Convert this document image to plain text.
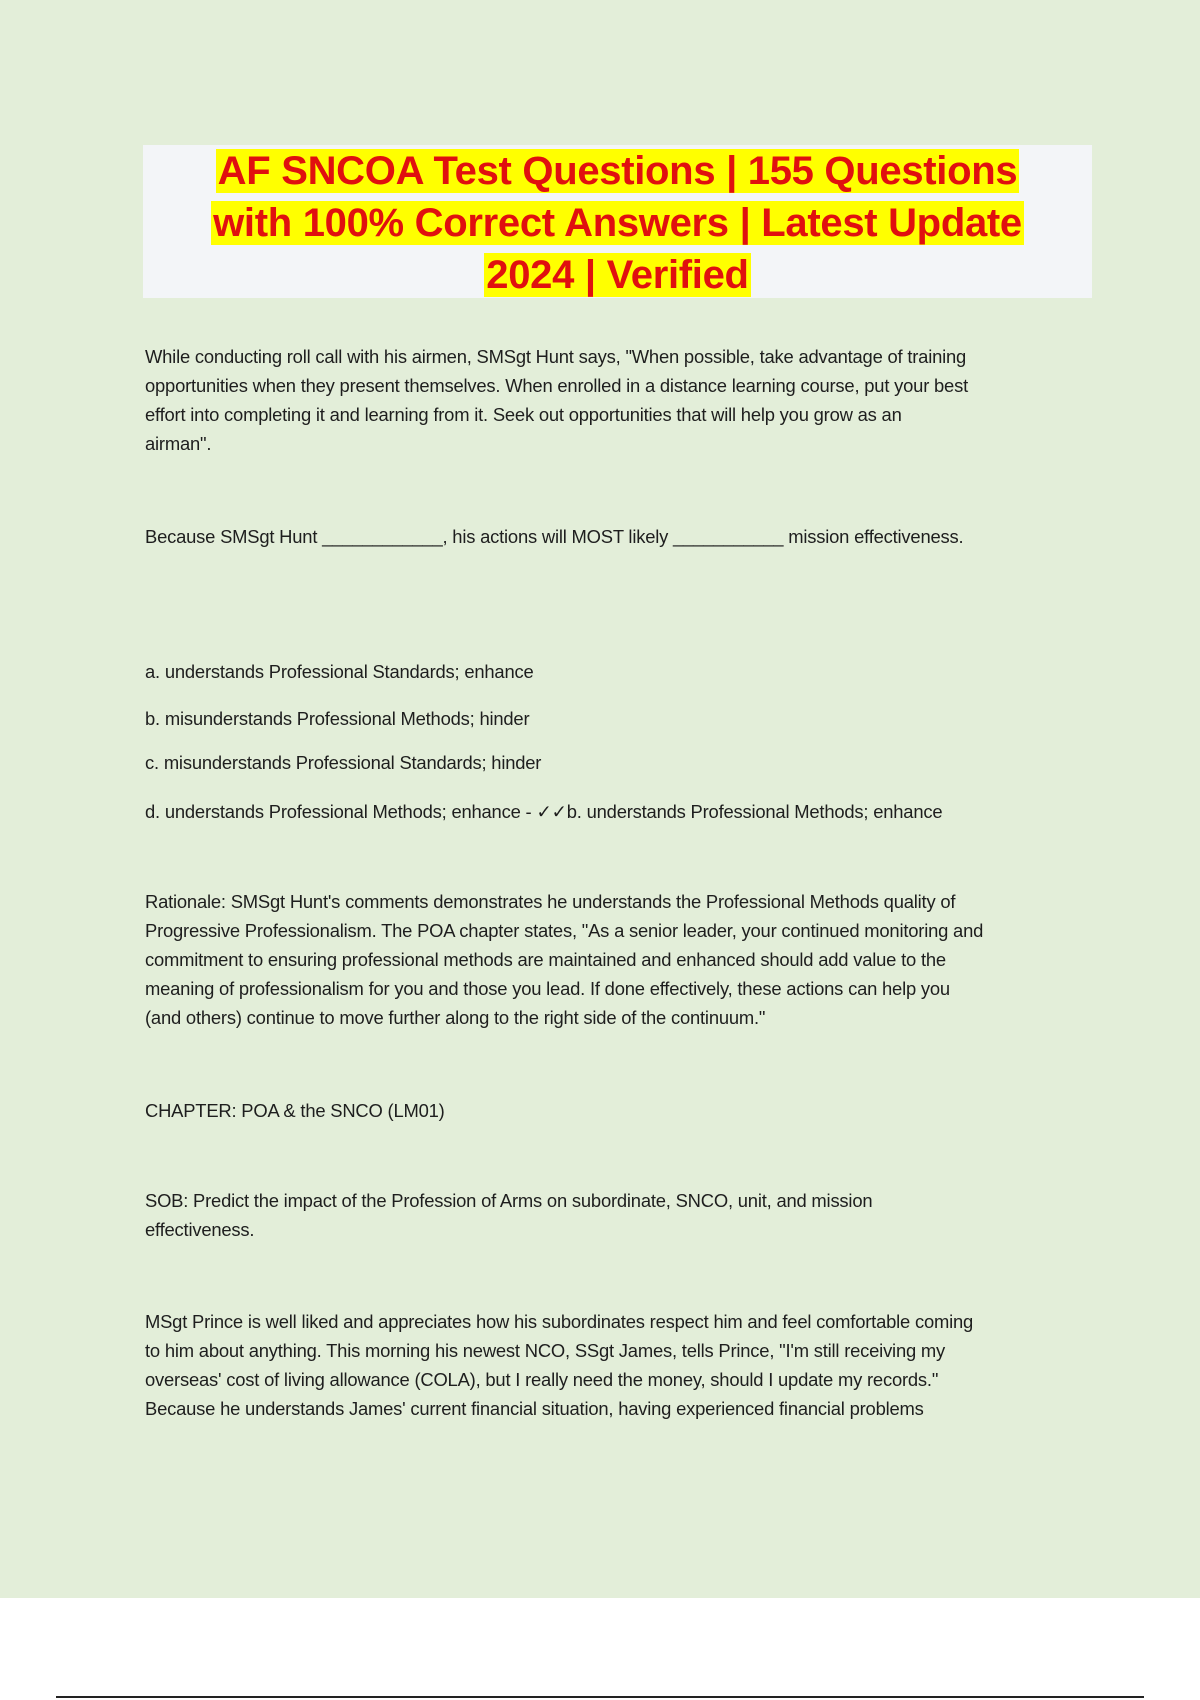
AF SNCOA Test Questions | 155 Questions
with 100% Correct Answers | Latest Update
2024 | Verified
While conducting roll call with his airmen, SMSgt Hunt says, "When possible, take advantage of training
opportunities when they present themselves. When enrolled in a distance learning course, put your best
effort into completing it and learning from it. Seek out opportunities that will help you grow as an
airman".
Because SMSgt Hunt ____________, his actions will MOST likely ___________ mission effectiveness.
a. understands Professional Standards; enhance
b. misunderstands Professional Methods; hinder
c. misunderstands Professional Standards; hinder
d. understands Professional Methods; enhance - ✓✓b. understands Professional Methods; enhance
Rationale: SMSgt Hunt's comments demonstrates he understands the Professional Methods quality of
Progressive Professionalism. The POA chapter states, "As a senior leader, your continued monitoring and
commitment to ensuring professional methods are maintained and enhanced should add value to the
meaning of professionalism for you and those you lead. If done effectively, these actions can help you
(and others) continue to move further along to the right side of the continuum."
CHAPTER: POA & the SNCO (LM01)
SOB: Predict the impact of the Profession of Arms on subordinate, SNCO, unit, and mission
effectiveness.
MSgt Prince is well liked and appreciates how his subordinates respect him and feel comfortable coming
to him about anything. This morning his newest NCO, SSgt James, tells Prince, "I'm still receiving my
overseas' cost of living allowance (COLA), but I really need the money, should I update my records."
Because he understands James' current financial situation, having experienced financial problems
